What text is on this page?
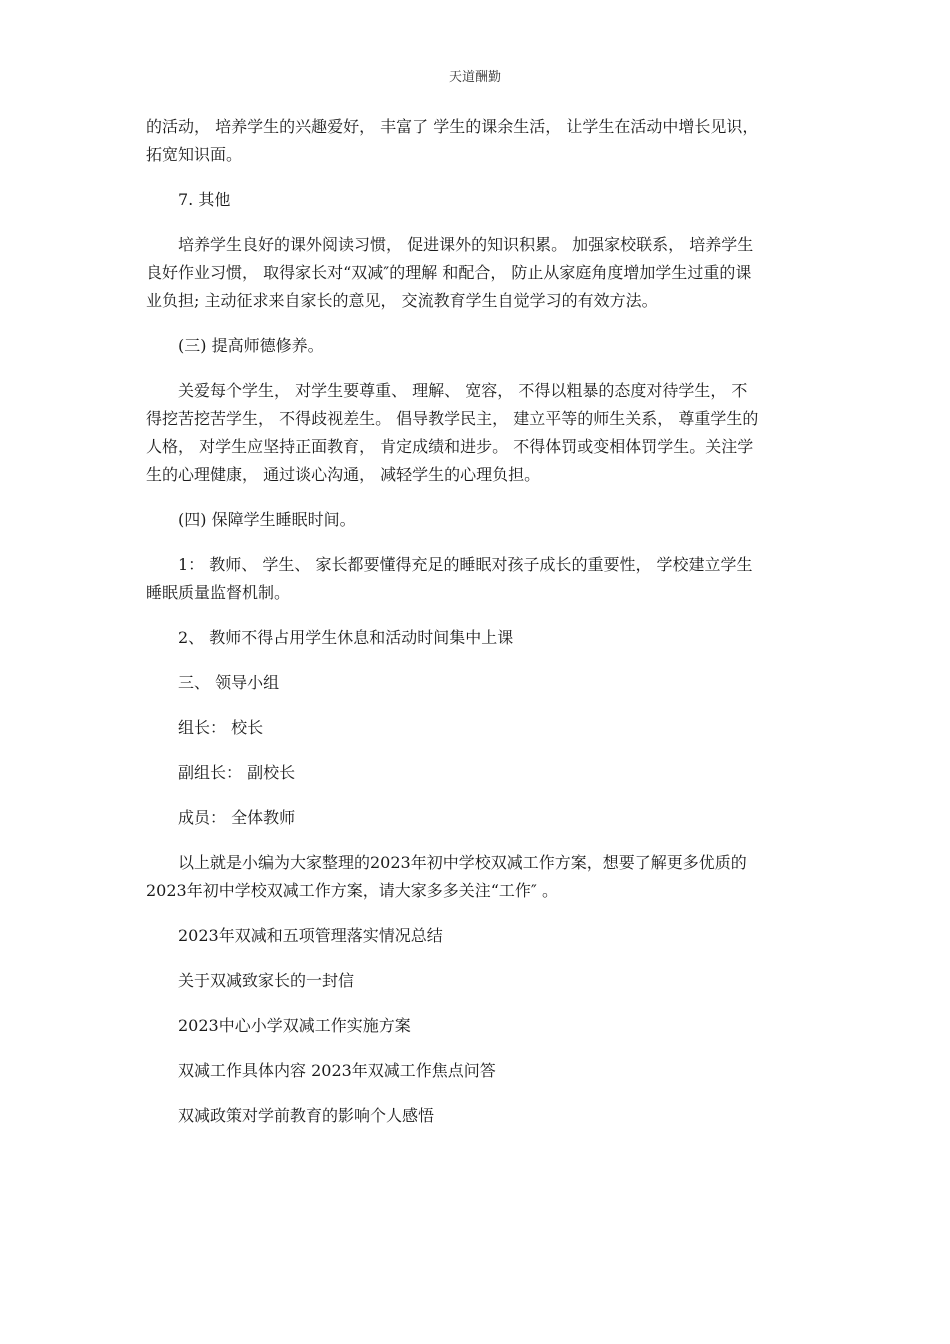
天道酬勤
的活动， 培养学生的兴趣爱好， 丰富了 学生的课余生活， 让学生在活动中增长见识，
拓宽知识面。
7. 其他
培养学生良好的课外阅读习惯， 促进课外的知识积累。 加强家校联系， 培养学生
良好作业习惯， 取得家长对“双减″的理解 和配合， 防止从家庭角度增加学生过重的课
业负担; 主动征求来自家长的意见， 交流教育学生自觉学习的有效方法。
(三) 提高师德修养。
关爱每个学生， 对学生要尊重、 理解、 宽容， 不得以粗暴的态度对待学生， 不
得挖苦挖苦学生， 不得歧视差生。 倡导教学民主， 建立平等的师生关系， 尊重学生的
人格， 对学生应坚持正面教育， 肯定成绩和进步。 不得体罚或变相体罚学生。关注学
生的心理健康， 通过谈心沟通， 减轻学生的心理负担。
(四) 保障学生睡眠时间。
1： 教师、 学生、 家长都要懂得充足的睡眠对孩子成长的重要性， 学校建立学生
睡眠质量监督机制。
2、 教师不得占用学生休息和活动时间集中上课
三、 领导小组
组长： 校长
副组长： 副校长
成员： 全体教师
以上就是小编为大家整理的2023年初中学校双减工作方案，想要了解更多优质的
2023年初中学校双减工作方案，请大家多多关注“工作″ 。
2023年双减和五项管理落实情况总结
关于双减致家长的一封信
2023中心小学双减工作实施方案
双减工作具体内容 2023年双减工作焦点问答
双减政策对学前教育的影响个人感悟
